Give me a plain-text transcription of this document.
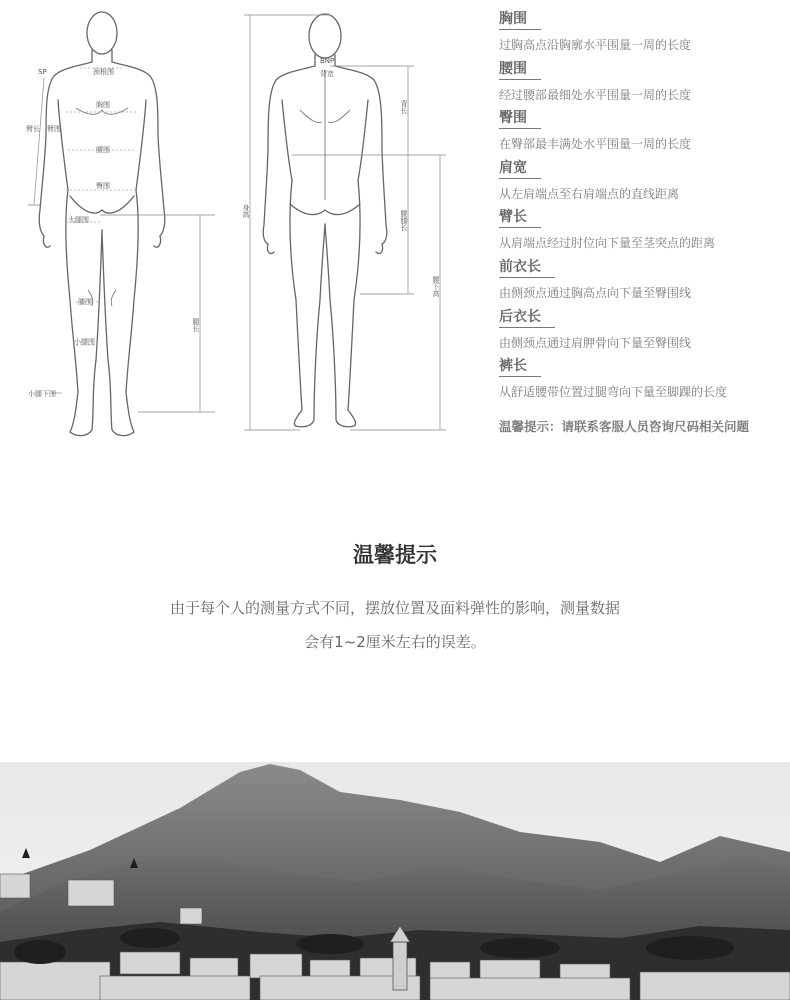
SP	颈根围
臂长 臂围
胸围
腰围
臀围
大腿围
膝围
小腿围
小腿下围
腿长
BNP
背宽
身高
背长
腰膝长
腰下高
胸围
过胸高点沿胸廓水平围量一周的长度
腰围
经过腰部最细处水平围量一周的长度
臀围
在臀部最丰满处水平围量一周的长度
肩宽
从左肩端点至右肩端点的直线距离
臂长
从肩端点经过肘位向下量至茎突点的距离
前衣长
由侧颈点通过胸高点向下量至臀围线
后衣长
由侧颈点通过肩胛骨向下量至臀围线
裤长
从舒适腰带位置过腿弯向下量至脚踝的长度
温馨提示：请联系客服人员咨询尺码相关问题
温馨提示

由于每个人的测量方式不同，摆放位置及面料弹性的影响，测量数据

会有1~2厘米左右的误差。
